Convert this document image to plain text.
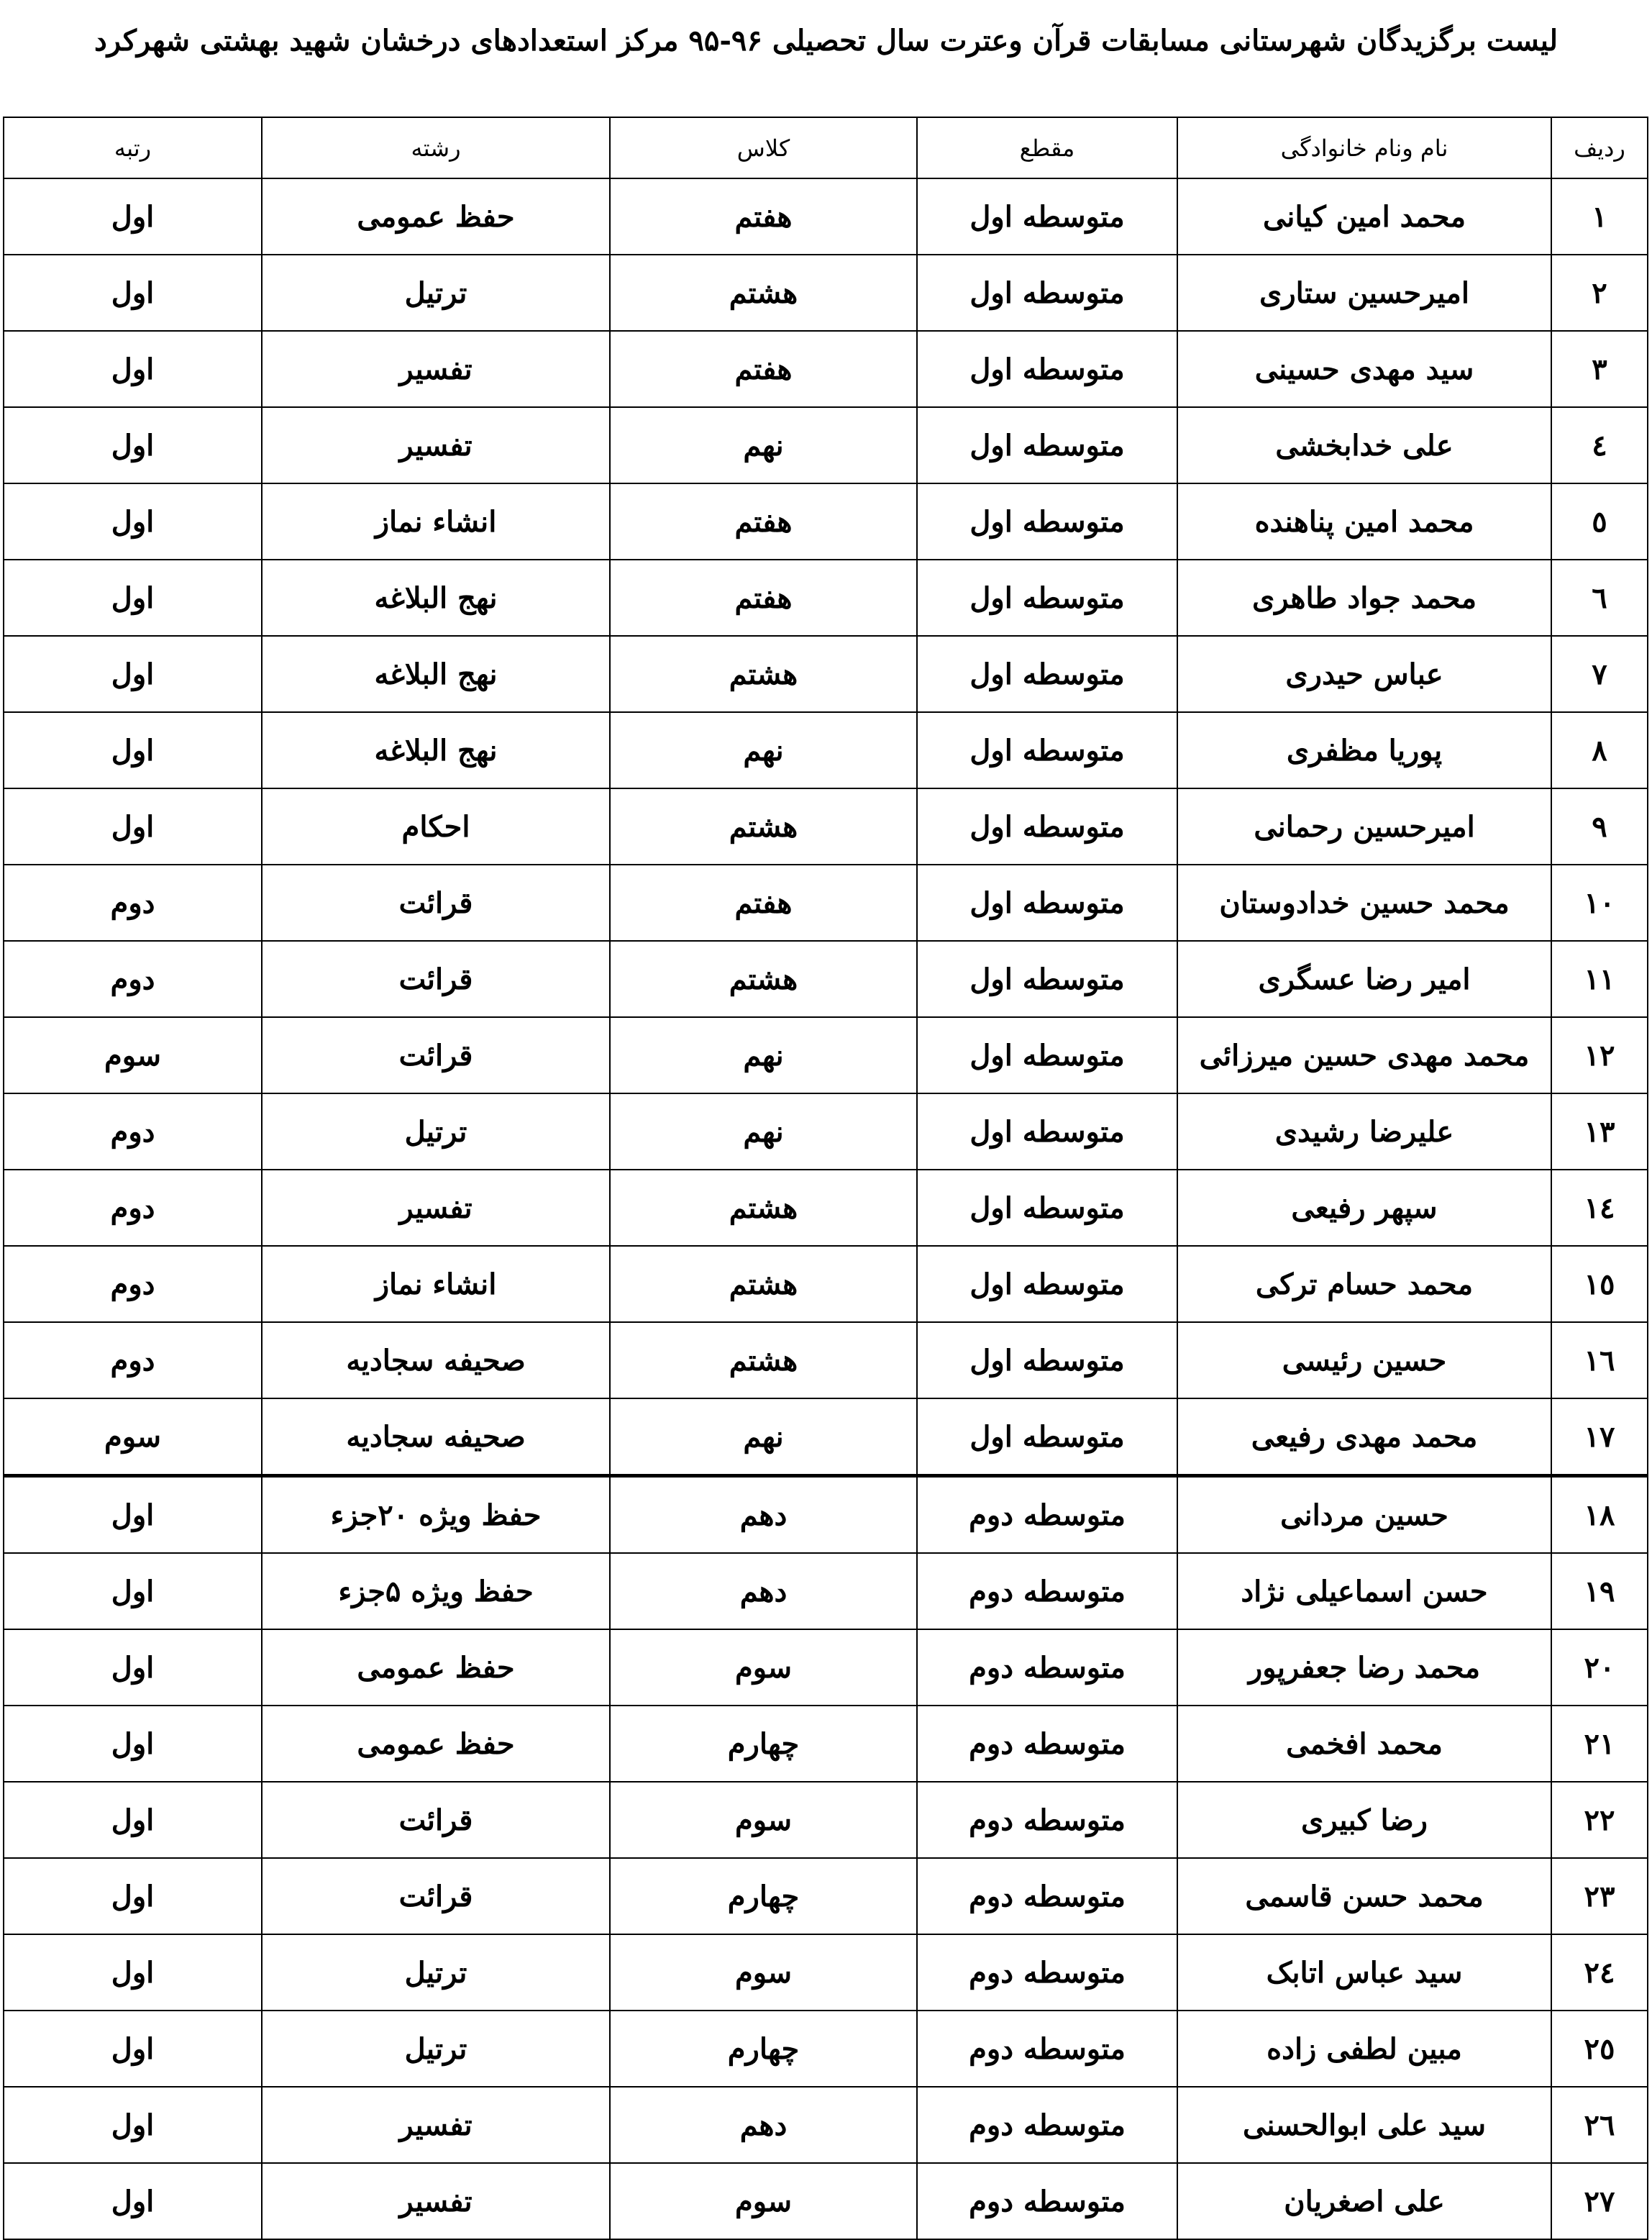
لیست برگزیدگان شهرستانی مسابقات قرآن وعترت سال تحصیلی ۹۶-۹۵ مرکز استعدادهای درخشان شهید بهشتی شهرکرد
ردیف	نام ونام خانوادگی	مقطع	کلاس	رشته	رتبه
۱	محمد امین کیانی	متوسطه اول	هفتم	حفظ عمومی	اول
۲	امیرحسین ستاری	متوسطه اول	هشتم	ترتیل	اول
۳	سید مهدی حسینی	متوسطه اول	هفتم	تفسیر	اول
٤	علی خدابخشی	متوسطه اول	نهم	تفسیر	اول
٥	محمد امین پناهنده	متوسطه اول	هفتم	انشاء نماز	اول
٦	محمد جواد طاهری	متوسطه اول	هفتم	نهج البلاغه	اول
۷	عباس حیدری	متوسطه اول	هشتم	نهج البلاغه	اول
۸	پوریا مظفری	متوسطه اول	نهم	نهج البلاغه	اول
۹	امیرحسین رحمانی	متوسطه اول	هشتم	احکام	اول
۱۰	محمد حسین خدادوستان	متوسطه اول	هفتم	قرائت	دوم
۱۱	امیر رضا عسگری	متوسطه اول	هشتم	قرائت	دوم
۱۲	محمد مهدی حسین میرزائی	متوسطه اول	نهم	قرائت	سوم
۱۳	علیرضا رشیدی	متوسطه اول	نهم	ترتیل	دوم
١٤	سپهر رفیعی	متوسطه اول	هشتم	تفسیر	دوم
١٥	محمد حسام ترکی	متوسطه اول	هشتم	انشاء نماز	دوم
١٦	حسین رئیسی	متوسطه اول	هشتم	صحیفه سجادیه	دوم
۱۷	محمد مهدی رفیعی	متوسطه اول	نهم	صحیفه سجادیه	سوم
۱۸	حسین مردانی	متوسطه دوم	دهم	حفظ ویژه ۲۰جزء	اول
۱۹	حسن اسماعیلی نژاد	متوسطه دوم	دهم	حفظ ویژه ۵جزء	اول
۲۰	محمد رضا جعفرپور	متوسطه دوم	سوم	حفظ عمومی	اول
۲۱	محمد افخمی	متوسطه دوم	چهارم	حفظ عمومی	اول
۲۲	رضا کبیری	متوسطه دوم	سوم	قرائت	اول
۲۳	محمد حسن قاسمی	متوسطه دوم	چهارم	قرائت	اول
٢٤	سید عباس اتابک	متوسطه دوم	سوم	ترتیل	اول
٢٥	مبین لطفی زاده	متوسطه دوم	چهارم	ترتیل	اول
٢٦	سید علی ابوالحسنی	متوسطه دوم	دهم	تفسیر	اول
۲۷	علی اصغریان	متوسطه دوم	سوم	تفسیر	اول
